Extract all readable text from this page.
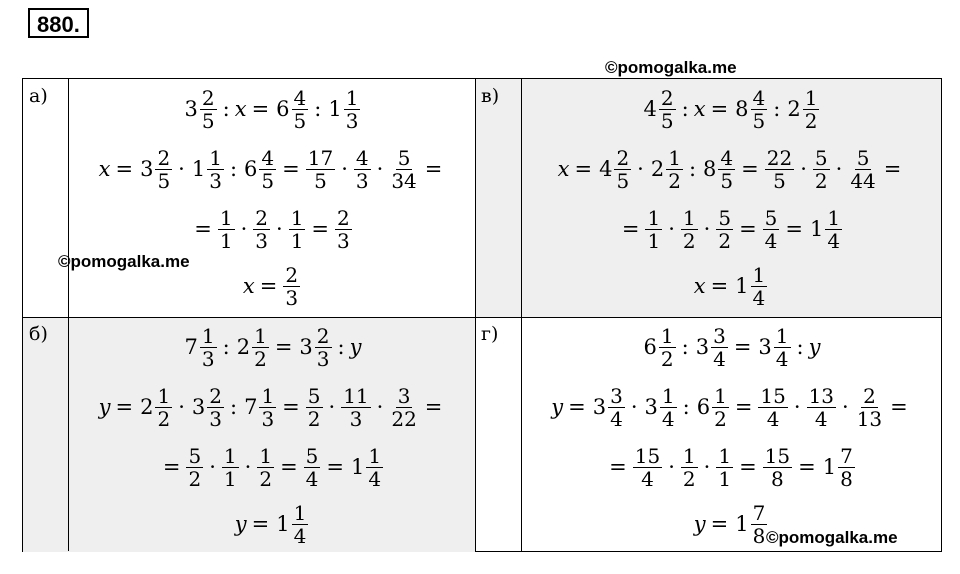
880.
©pomogalka.me
а)	в)
б)	г)
$3 \frac{2}{5}$ : $x = 6 \frac{4}{5}$ : $1 \frac{1}{3}$
$x = 3 \frac{2}{5} \cdot 1 \frac{1}{3}$ : $6 \frac{4}{5} = \frac{17}{5} \cdot \frac{4}{3} \cdot \frac{5}{34}$ =
= $\frac{1}{1} \cdot \frac{2}{3} \cdot \frac{1}{1} = \frac{2}{3}$
$x = \frac{2}{3}$
$4 \frac{2}{5}$ : $x = 8 \frac{4}{5}$ : $2 \frac{1}{2}$
$x = 4 \frac{2}{5} \cdot 2 \frac{1}{2}$ : $8 \frac{4}{5} = \frac{22}{5} \cdot \frac{5}{2} \cdot \frac{5}{44}$ =
= $\frac{1}{1} \cdot \frac{1}{2} \cdot \frac{5}{2} = \frac{5}{4} = 1 \frac{1}{4}$
$x = 1 \frac{1}{4}$
$7 \frac{1}{3}$ : $2 \frac{1}{2} = 3 \frac{2}{3}$ : y
$y = 2 \frac{1}{2} \cdot 3 \frac{2}{3}$ : $7 \frac{1}{3} = \frac{5}{2} \cdot \frac{11}{3} \cdot \frac{3}{22}$ =
= $\frac{5}{2} \cdot \frac{1}{1} \cdot \frac{1}{2} = \frac{5}{4} = 1 \frac{1}{4}$
$y = 1 \frac{1}{4}$
$6 \frac{1}{2}$ : $3 \frac{3}{4} = 3 \frac{1}{4}$ : y
$y = 3 \frac{3}{4} \cdot 3 \frac{1}{4}$ : $6 \frac{1}{2} = \frac{15}{4} \cdot \frac{13}{4} \cdot \frac{2}{13}$ =
= $\frac{15}{4} \cdot \frac{1}{2} \cdot \frac{1}{1} = \frac{15}{8} = 1 \frac{7}{8}$
$y = 1 \frac{7}{8}$
©pomogalka.me
©pomogalka.me
